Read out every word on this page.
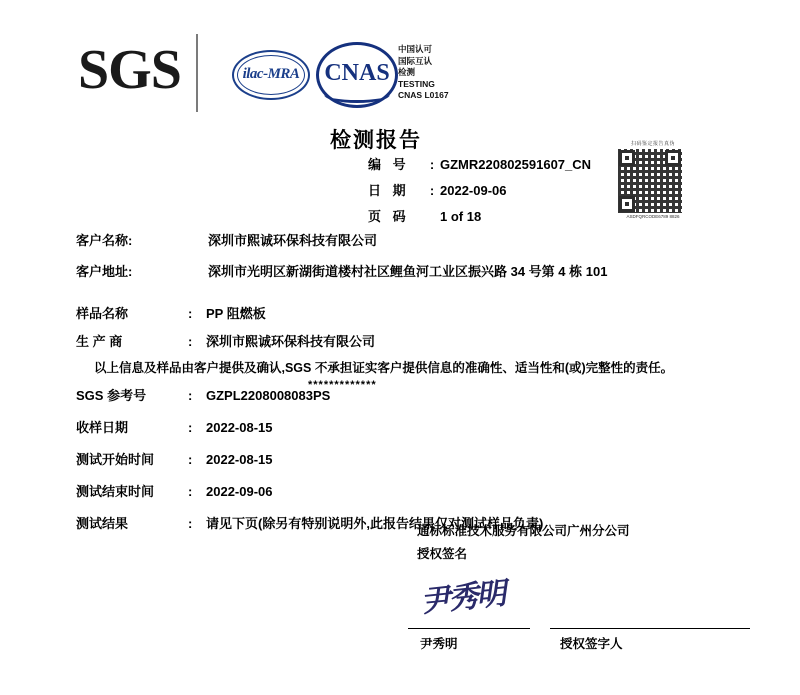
SGS	ilac-MRA	CNAS
中国认可
国际互认
检测
TESTING
CNAS L0167
检测报告
编 号	: GZMR220802591607_CN
日 期	: 2022-09-06
页 码	1 of 18
扫码鉴定报告真伪
ASDFQRCODE6789 8826
客户名称:	深圳市熙诚环保科技有限公司
客户地址:	深圳市光明区新湖街道楼村社区鲤鱼河工业区振兴路 34 号第 4 栋 101
样品名称	:	PP 阻燃板
生 产 商	:	深圳市熙诚环保科技有限公司
以上信息及样品由客户提供及确认,SGS 不承担证实客户提供信息的准确性、适当性和(或)完整性的责任。
*************
SGS 参考号	:	GZPL2208008083PS
收样日期	:	2022-08-15
测试开始时间	:	2022-08-15
测试结束时间	:	2022-09-06
测试结果	:	请见下页(除另有特别说明外,此报告结果仅对测试样品负责)
通标标准技术服务有限公司广州分公司
授权签名
尹秀明
尹秀明	授权签字人
